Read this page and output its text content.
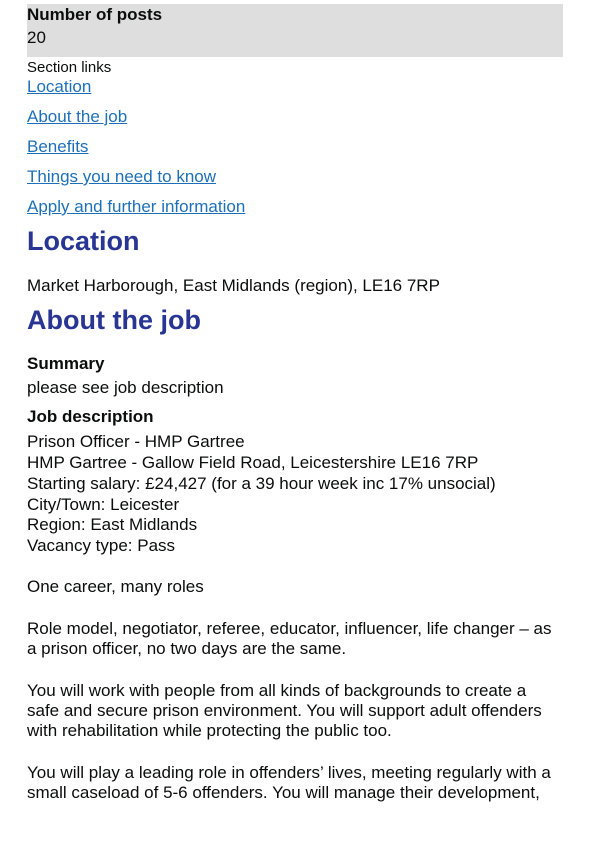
Number of posts
20
Section links
Location
About the job
Benefits
Things you need to know
Apply and further information
Location
Market Harborough, East Midlands (region), LE16 7RP
About the job
Summary
please see job description
Job description
Prison Officer - HMP Gartree
HMP Gartree - Gallow Field Road, Leicestershire LE16 7RP
Starting salary: £24,427 (for a 39 hour week inc 17% unsocial)
City/Town: Leicester
Region: East Midlands
Vacancy type: Pass
One career, many roles
Role model, negotiator, referee, educator, influencer, life changer – as
a prison officer, no two days are the same.
You will work with people from all kinds of backgrounds to create a
safe and secure prison environment. You will support adult offenders
with rehabilitation while protecting the public too.
You will play a leading role in offenders’ lives, meeting regularly with a
small caseload of 5-6 offenders. You will manage their development,
